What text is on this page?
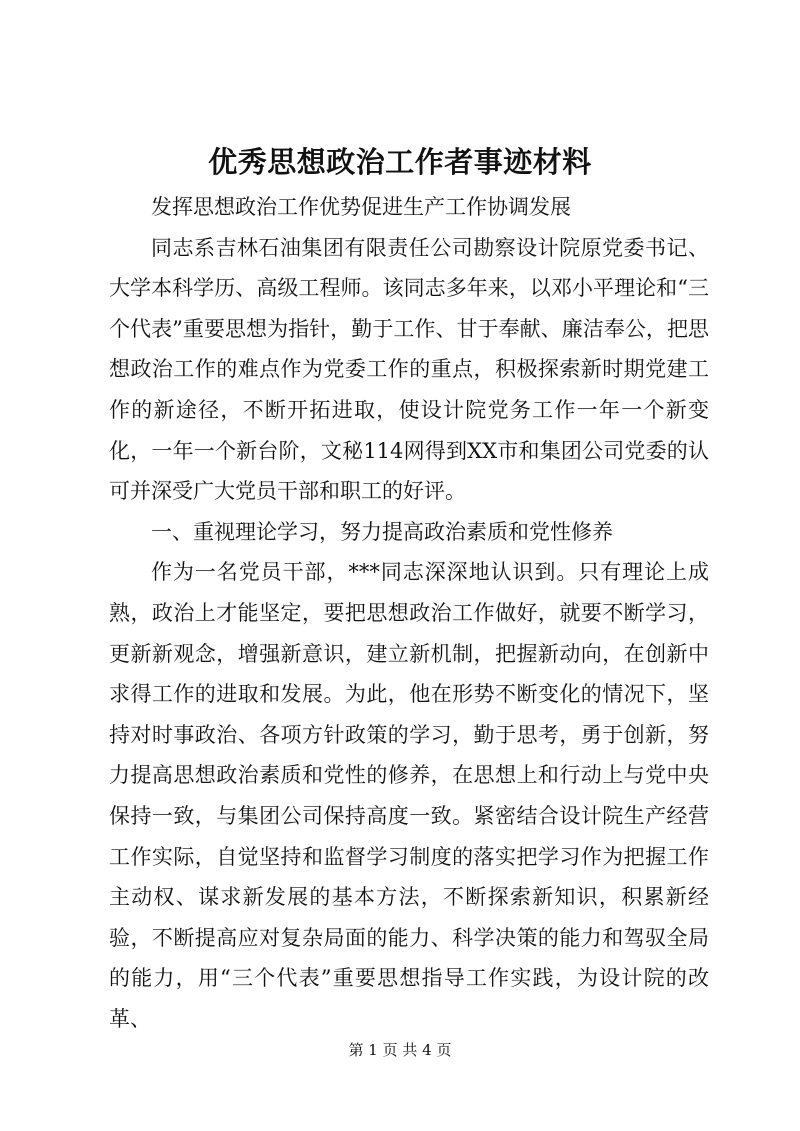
优秀思想政治工作者事迹材料

发挥思想政治工作优势促进生产工作协调发展

同志系吉林石油集团有限责任公司勘察设计院原党委书记、大学本科学历、高级工程师。该同志多年来，以邓小平理论和“三个代表”重要思想为指针，勤于工作、甘于奉献、廉洁奉公，把思想政治工作的难点作为党委工作的重点，积极探索新时期党建工作的新途径，不断开拓进取，使设计院党务工作一年一个新变化，一年一个新台阶，文秘114网得到XX市和集团公司党委的认可并深受广大党员干部和职工的好评。

一、重视理论学习，努力提高政治素质和党性修养

作为一名党员干部，***同志深深地认识到。只有理论上成熟，政治上才能坚定，要把思想政治工作做好，就要不断学习，更新新观念，增强新意识，建立新机制，把握新动向，在创新中求得工作的进取和发展。为此，他在形势不断变化的情况下，坚持对时事政治、各项方针政策的学习，勤于思考，勇于创新，努力提高思想政治素质和党性的修养，在思想上和行动上与党中央保持一致，与集团公司保持高度一致。紧密结合设计院生产经营工作实际，自觉坚持和监督学习制度的落实把学习作为把握工作主动权、谋求新发展的基本方法，不断探索新知识，积累新经验，不断提高应对复杂局面的能力、科学决策的能力和驾驭全局的能力，用“三个代表”重要思想指导工作实践，为设计院的改革、

第 1 页 共 4 页
